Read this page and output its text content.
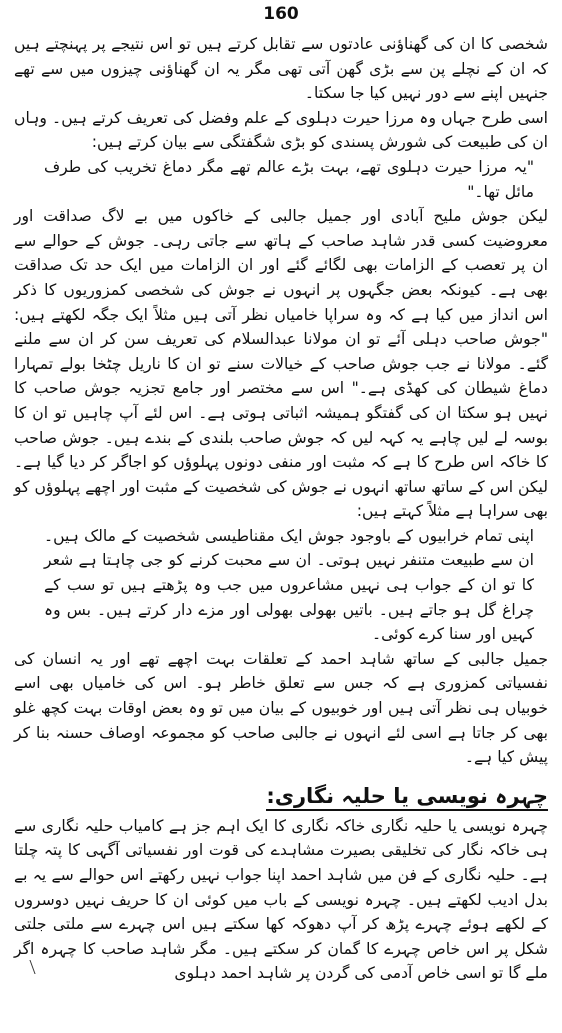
160

شخصی کا ان کی گھناؤنی عادتوں سے تقابل کرتے ہیں تو اس نتیجے پر پہنچتے ہیں کہ ان کے نچلے پن سے بڑی گھن آتی تھی مگر یہ ان گھناؤنی چیزوں میں سے تھے جنہیں اپنے سے دور نہیں کیا جا سکتا۔

اسی طرح جہاں وہ مرزا حیرت دہلوی کے علم وفضل کی تعریف کرتے ہیں۔ وہاں ان کی طبیعت کی شورش پسندی کو بڑی شگفتگی سے بیان کرتے ہیں:

"یہ مرزا حیرت دہلوی تھے، بہت بڑے عالم تھے مگر دماغ تخریب کی طرف مائل تھا۔"

لیکن جوش ملیح آبادی اور جمیل جالبی کے خاکوں میں بے لاگ صداقت اور معروضیت کسی قدر شاہد صاحب کے ہاتھ سے جاتی رہی۔ جوش کے حوالے سے ان پر تعصب کے الزامات بھی لگائے گئے اور ان الزامات میں ایک حد تک صداقت بھی ہے۔ کیونکہ بعض جگہوں پر انہوں نے جوش کی شخصی کمزوریوں کا ذکر اس انداز میں کیا ہے کہ وہ سراپا خامیاں نظر آتی ہیں مثلاً ایک جگہ لکھتے ہیں: "جوش صاحب دہلی آئے تو ان مولانا عبدالسلام کی تعریف سن کر ان سے ملنے گئے۔ مولانا نے جب جوش صاحب کے خیالات سنے تو ان کا ناریل چٹخا بولے تمہارا دماغ شیطان کی کھڈی ہے۔" اس سے مختصر اور جامع تجزیہ جوش صاحب کا نہیں ہو سکتا ان کی گفتگو ہمیشہ اثباتی ہوتی ہے۔ اس لئے آپ چاہیں تو ان کا بوسہ لے لیں چاہے یہ کہہ لیں کہ جوش صاحب بلندی کے بندے ہیں۔ جوش صاحب کا خاکہ اس طرح کا ہے کہ مثبت اور منفی دونوں پہلوؤں کو اجاگر کر دیا گیا ہے۔ لیکن اس کے ساتھ ساتھ انہوں نے جوش کی شخصیت کے مثبت اور اچھے پہلوؤں کو بھی سراہا ہے مثلاً کہتے ہیں:

اپنی تمام خرابیوں کے باوجود جوش ایک مقناطیسی شخصیت کے مالک ہیں۔ ان سے طبیعت متنفر نہیں ہوتی۔ ان سے محبت کرنے کو جی چاہتا ہے شعر کا تو ان کے جواب ہی نہیں مشاعروں میں جب وہ پڑھتے ہیں تو سب کے چراغ گل ہو جاتے ہیں۔ باتیں بھولی بھولی اور مزے دار کرتے ہیں۔ بس وہ کہیں اور سنا کرے کوئی۔

جمیل جالبی کے ساتھ شاہد احمد کے تعلقات بہت اچھے تھے اور یہ انسان کی نفسیاتی کمزوری ہے کہ جس سے تعلق خاطر ہو۔ اس کی خامیاں بھی اسے خوبیاں ہی نظر آتی ہیں اور خوبیوں کے بیان میں تو وہ بعض اوقات بہت کچھ غلو بھی کر جاتا ہے اسی لئے انہوں نے جالبی صاحب کو مجموعہ اوصاف حسنہ بنا کر پیش کیا ہے۔

چہرہ نویسی یا حلیہ نگاری:

چہرہ نویسی یا حلیہ نگاری خاکہ نگاری کا ایک اہم جز ہے کامیاب حلیہ نگاری سے ہی خاکہ نگار کی تخلیقی بصیرت مشاہدے کی قوت اور نفسیاتی آگہی کا پتہ چلتا ہے۔ حلیہ نگاری کے فن میں شاہد احمد اپنا جواب نہیں رکھتے اس حوالے سے یہ بے بدل ادیب لکھتے ہیں۔ چہرہ نویسی کے باب میں کوئی ان کا حریف نہیں دوسروں کے لکھے ہوئے چہرے پڑھ کر آپ دھوکہ کھا سکتے ہیں اس چہرے سے ملتی جلتی شکل پر اس خاص چہرے کا گمان کر سکتے ہیں۔ مگر شاہد صاحب کا چہرہ اگر ملے گا تو اسی خاص آدمی کی گردن پر شاہد احمد دہلوی
